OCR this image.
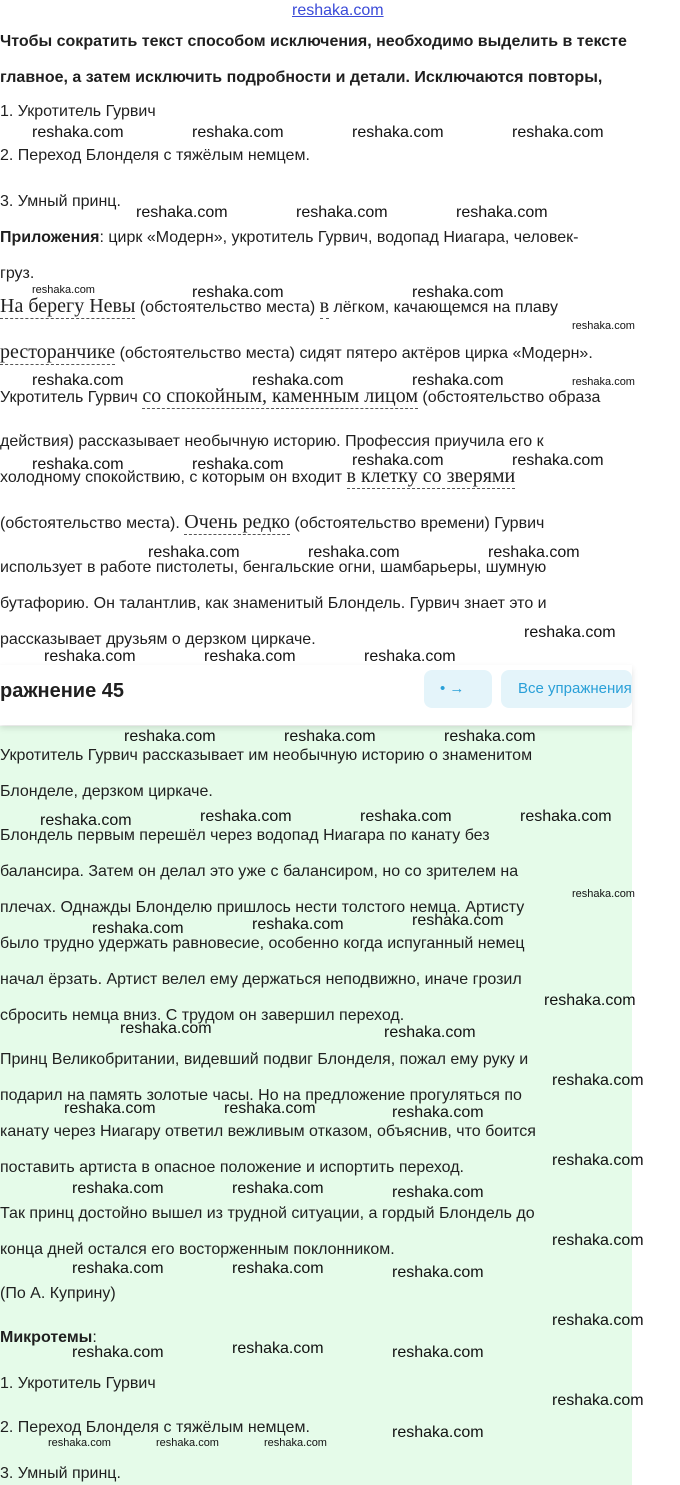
reshaka.com
Чтобы сократить текст способом исключения, необходимо выделить в тексте
главное, а затем исключить подробности и детали. Исключаются повторы,
1. Укротитель Гурвич
2. Переход Блонделя с тяжёлым немцем.
3. Умный принц.
Приложения: цирк «Модерн», укротитель Гурвич, водопад Ниагара, человек-
груз.
На берегу Невы (обстоятельство места) в лёгком, качающемся на плаву
ресторанчике (обстоятельство места) сидят пятеро актёров цирка «Модерн».
Укротитель Гурвич со спокойным, каменным лицом (обстоятельство образа
действия) рассказывает необычную историю. Профессия приучила его к
холодному спокойствию, с которым он входит в клетку со зверями
(обстоятельство места). Очень редко (обстоятельство времени) Гурвич
использует в работе пистолеты, бенгальские огни, шамбарьеры, шумную
бутафорию. Он талантлив, как знаменитый Блондель. Гурвич знает это и
рассказывает друзьям о дерзком циркаче.
ражнение 45	• →	Все упражнения
Укротитель Гурвич рассказывает им необычную историю о знаменитом
Блонделе, дерзком циркаче.
Блондель первым перешёл через водопад Ниагара по канату без
балансира. Затем он делал это уже с балансиром, но со зрителем на
плечах. Однажды Блонделю пришлось нести толстого немца. Артисту
было трудно удержать равновесие, особенно когда испуганный немец
начал ёрзать. Артист велел ему держаться неподвижно, иначе грозил
сбросить немца вниз. С трудом он завершил переход.
Принц Великобритании, видевший подвиг Блонделя, пожал ему руку и
подарил на память золотые часы. Но на предложение прогуляться по
канату через Ниагару ответил вежливым отказом, объяснив, что боится
поставить артиста в опасное положение и испортить переход.
Так принц достойно вышел из трудной ситуации, а гордый Блондель до
конца дней остался его восторженным поклонником.
(По А. Куприну)
Микротемы:
1. Укротитель Гурвич
2. Переход Блонделя с тяжёлым немцем.
3. Умный принц.
reshaka.com	reshaka.com	reshaka.com	reshaka.com
reshaka.com	reshaka.com	reshaka.com
reshaka.com	reshaka.com	reshaka.com
reshaka.com
reshaka.com	reshaka.com	reshaka.com	reshaka.com
reshaka.com	reshaka.com	reshaka.com	reshaka.com
reshaka.com	reshaka.com	reshaka.com
reshaka.com
reshaka.com	reshaka.com	reshaka.com
reshaka.com	reshaka.com	reshaka.com
reshaka.com	reshaka.com	reshaka.com	reshaka.com
reshaka.com
reshaka.com	reshaka.com	reshaka.com
reshaka.com
reshaka.com	reshaka.com
reshaka.com
reshaka.com	reshaka.com	reshaka.com
reshaka.com
reshaka.com	reshaka.com	reshaka.com
reshaka.com
reshaka.com	reshaka.com	reshaka.com
reshaka.com
reshaka.com	reshaka.com	reshaka.com
reshaka.com
reshaka.com
reshaka.com	reshaka.com	reshaka.com
